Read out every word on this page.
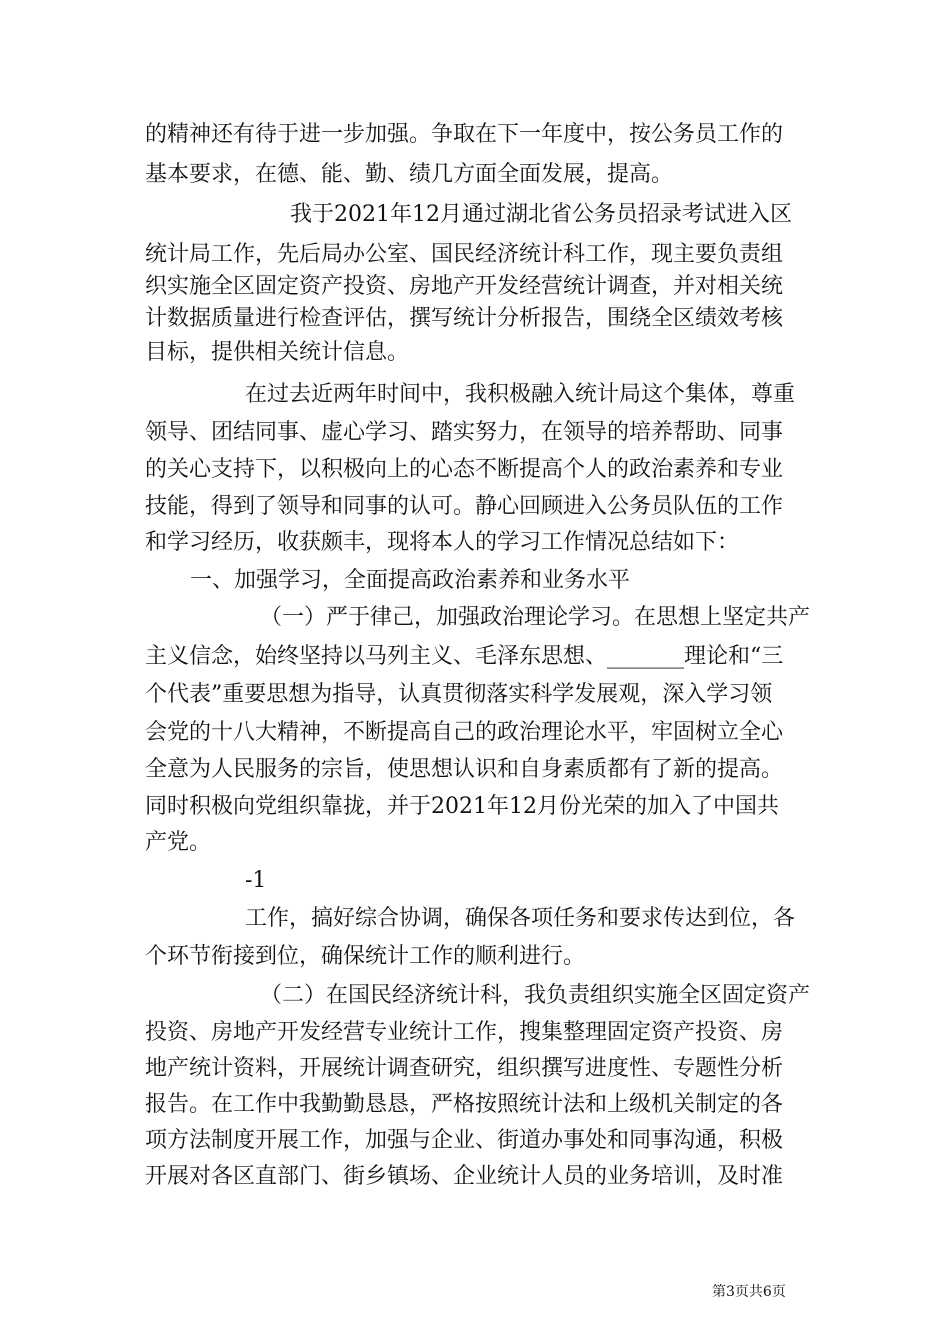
的精神还有待于进一步加强。争取在下一年度中，按公务员工作的

基本要求，在德、能、勤、绩几方面全面发展，提高。

我于2021年12月通过湖北省公务员招录考试进入区

统计局工作，先后局办公室、国民经济统计科工作，现主要负责组

织实施全区固定资产投资、房地产开发经营统计调查，并对相关统

计数据质量进行检查评估，撰写统计分析报告，围绕全区绩效考核

目标，提供相关统计信息。

在过去近两年时间中，我积极融入统计局这个集体，尊重

领导、团结同事、虚心学习、踏实努力，在领导的培养帮助、同事

的关心支持下，以积极向上的心态不断提高个人的政治素养和专业

技能，得到了领导和同事的认可。静心回顾进入公务员队伍的工作

和学习经历，收获颇丰，现将本人的学习工作情况总结如下：

一、加强学习，全面提高政治素养和业务水平

（一）严于律己，加强政治理论学习。在思想上坚定共产

主义信念，始终坚持以马列主义、毛泽东思想、_______理论和“三

个代表”重要思想为指导，认真贯彻落实科学发展观，深入学习领

会党的十八大精神，不断提高自己的政治理论水平，牢固树立全心

全意为人民服务的宗旨，使思想认识和自身素质都有了新的提高。

同时积极向党组织靠拢，并于2021年12月份光荣的加入了中国共

产党。

-1

工作，搞好综合协调，确保各项任务和要求传达到位，各

个环节衔接到位，确保统计工作的顺利进行。

（二）在国民经济统计科，我负责组织实施全区固定资产

投资、房地产开发经营专业统计工作，搜集整理固定资产投资、房

地产统计资料，开展统计调查研究，组织撰写进度性、专题性分析

报告。在工作中我勤勤恳恳，严格按照统计法和上级机关制定的各

项方法制度开展工作，加强与企业、街道办事处和同事沟通，积极

开展对各区直部门、街乡镇场、企业统计人员的业务培训，及时准

第3页共6页
